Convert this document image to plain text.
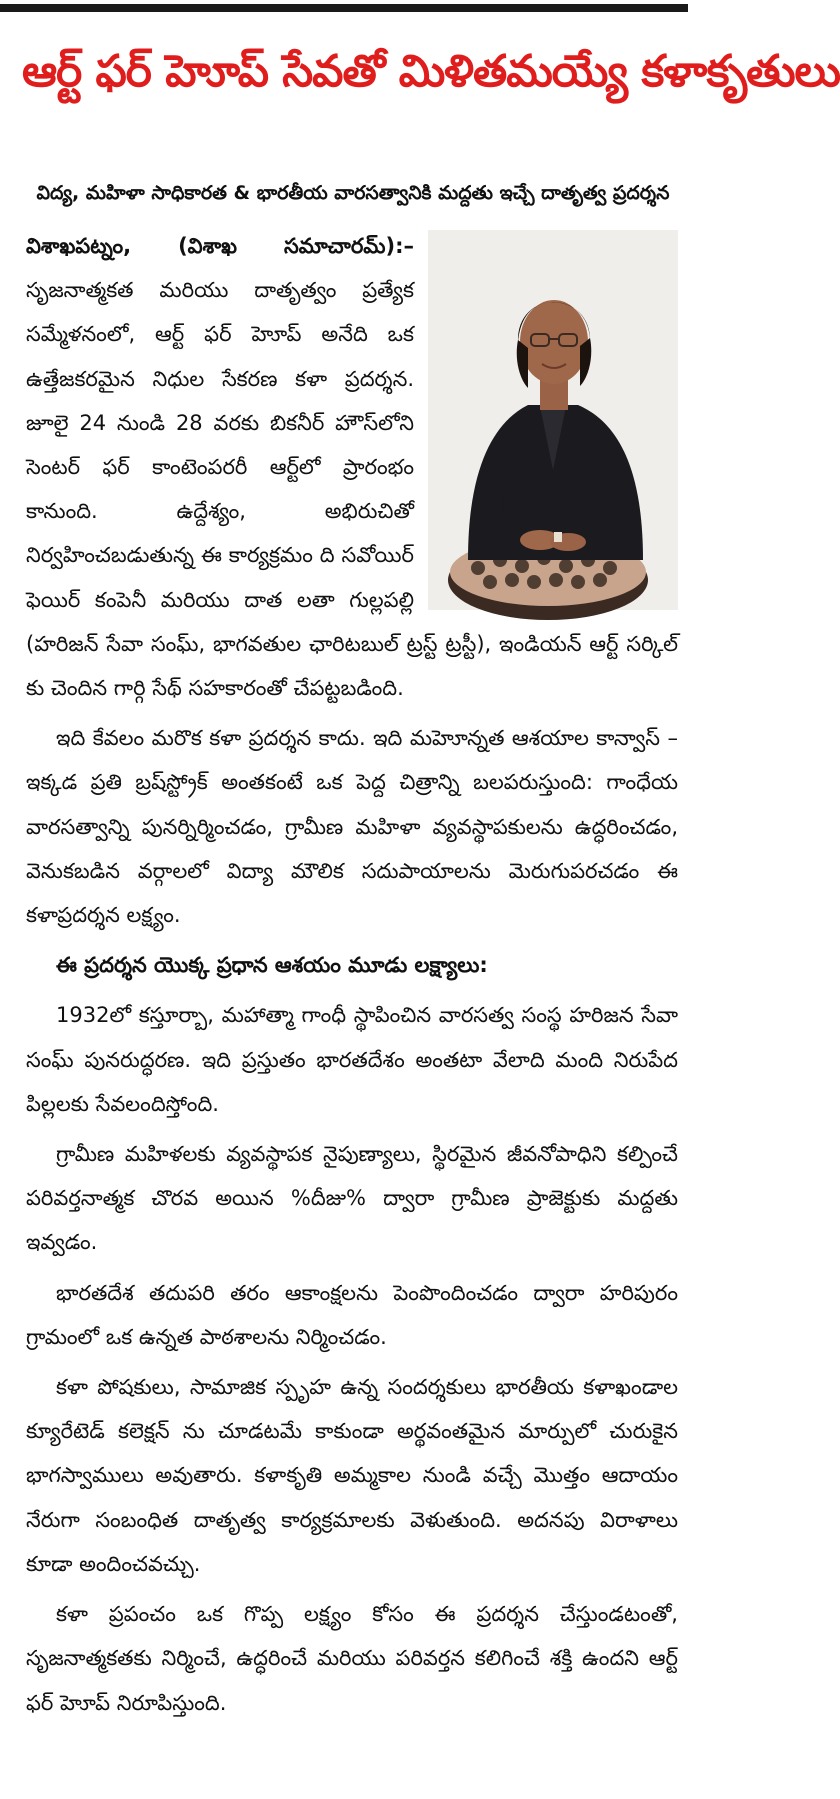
ఆర్ట్ ఫర్ హెూప్ సేవతో మిళితమయ్యే కళాకృతులు
విద్య, మహిళా సాధికారత & భారతీయ వారసత్వానికి మద్దతు ఇచ్చే దాతృత్వ ప్రదర్శన

విశాఖపట్నం, (విశాఖ సమాచారమ్):– సృజనాత్మకత మరియు దాతృత్వం ప్రత్యేక సమ్మేళనంలో, ఆర్ట్ ఫర్ హెూప్ అనేది ఒక ఉత్తేజకరమైన నిధుల సేకరణ కళా ప్రదర్శన. జూలై 24 నుండి 28 వరకు బికనీర్ హౌస్‌లోని సెంటర్ ఫర్ కాంటెంపరరీ ఆర్ట్‌లో ప్రారంభం కానుంది. ఉద్దేశ్యం, అభిరుచితో నిర్వహించబడుతున్న ఈ కార్యక్రమం ది సవోయిర్ ఫెయిర్ కంపెనీ మరియు దాత లతా గుల్లపల్లి (హరిజన్ సేవా సంఘ్, భాగవతుల ఛారిటబుల్ ట్రస్ట్ ట్రస్టీ), ఇండియన్ ఆర్ట్ సర్కిల్ కు చెందిన గార్గి సేథ్ సహకారంతో చేపట్టబడింది.

ఇది కేవలం మరొక కళా ప్రదర్శన కాదు. ఇది మహెూన్నత ఆశయాల కాన్వాస్ – ఇక్కడ ప్రతి బ్రష్‌స్ట్రోక్ అంతకంటే ఒక పెద్ద చిత్రాన్ని బలపరుస్తుంది: గాంధేయ వారసత్వాన్ని పునర్నిర్మించడం, గ్రామీణ మహిళా వ్యవస్థాపకులను ఉద్ధరించడం, వెనుకబడిన వర్గాలలో విద్యా మౌలిక సదుపాయాలను మెరుగుపరచడం ఈ కళాప్రదర్శన లక్ష్యం.

ఈ ప్రదర్శన యొక్క ప్రధాన ఆశయం మూడు లక్ష్యాలు:

1932లో కస్తూర్బా, మహాత్మా గాంధీ స్థాపించిన వారసత్వ సంస్థ హరిజన సేవా సంఘ్ పునరుద్ధరణ. ఇది ప్రస్తుతం భారతదేశం అంతటా వేలాది మంది నిరుపేద పిల్లలకు సేవలందిస్తోంది.

గ్రామీణ మహిళలకు వ్యవస్థాపక నైపుణ్యాలు, స్థిరమైన జీవనోపాధిని కల్పించే పరివర్తనాత్మక చొరవ అయిన %దీజు% ద్వారా గ్రామీణ ప్రాజెక్టుకు మద్దతు ఇవ్వడం.

భారతదేశ తదుపరి తరం ఆకాంక్షలను పెంపొందించడం ద్వారా హరిపురం గ్రామంలో ఒక ఉన్నత పాఠశాలను నిర్మించడం.

కళా పోషకులు, సామాజిక స్పృహ ఉన్న సందర్శకులు భారతీయ కళాఖండాల క్యూరేటెడ్ కలెక్షన్ ను చూడటమే కాకుండా అర్థవంతమైన మార్పులో చురుకైన భాగస్వాములు అవుతారు. కళాకృతి అమ్మకాల నుండి వచ్చే మొత్తం ఆదాయం నేరుగా సంబంధిత దాతృత్వ కార్యక్రమాలకు వెళుతుంది. అదనపు విరాళాలు కూడా అందించవచ్చు.

కళా ప్రపంచం ఒక గొప్ప లక్ష్యం కోసం ఈ ప్రదర్శన చేస్తుండటంతో, సృజనాత్మకతకు నిర్మించే, ఉద్ధరించే మరియు పరివర్తన కలిగించే శక్తి ఉందని ఆర్ట్ ఫర్ హెూప్ నిరూపిస్తుంది.
